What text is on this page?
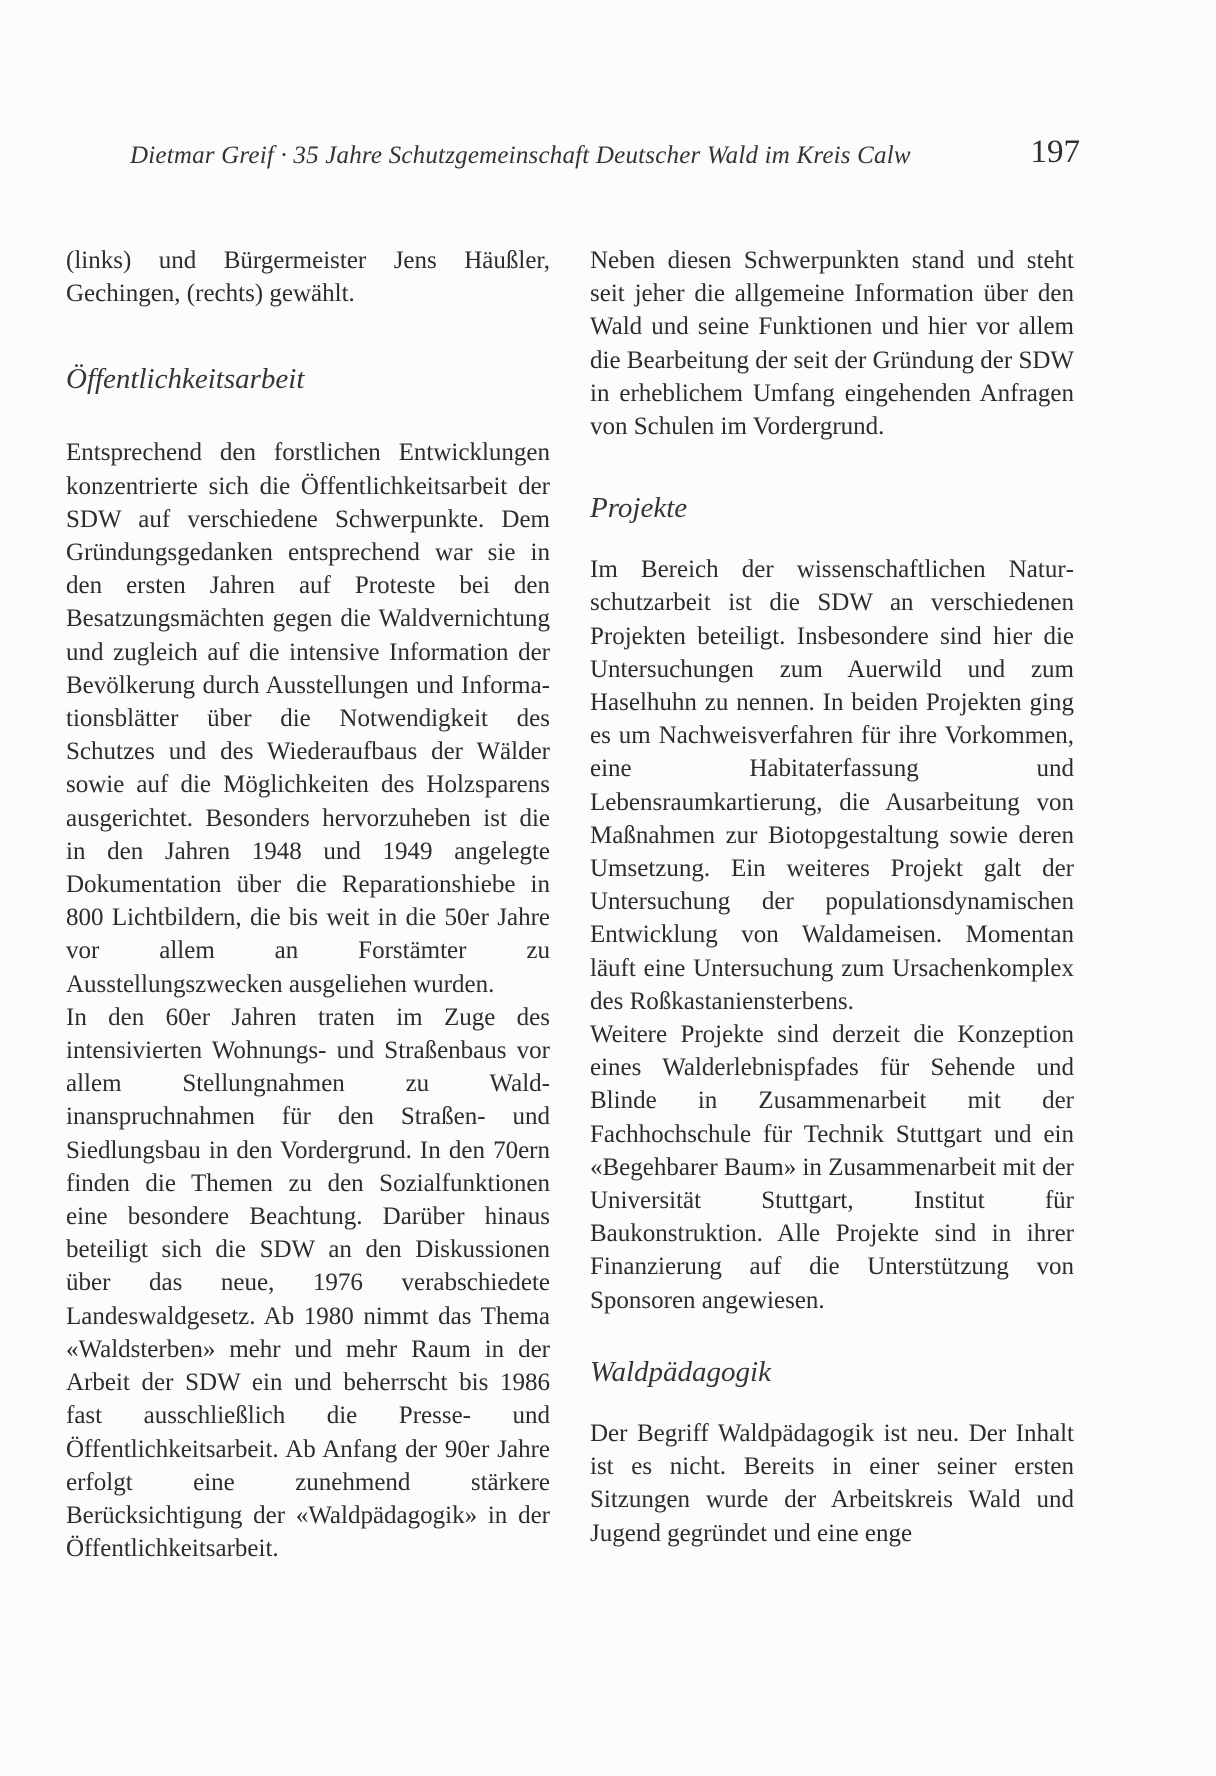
Dietmar Greif · 35 Jahre Schutzgemeinschaft Deutscher Wald im Kreis Calw	197

(links) und Bürgermeister Jens Häußler, Gechingen, (rechts) gewählt.

Öffentlichkeitsarbeit

Entsprechend den forstlichen Entwicklungen konzentrierte sich die Öffentlichkeitsarbeit der SDW auf verschiedene Schwerpunkte. Dem Gründungsgedanken entsprechend war sie in den ersten Jahren auf Proteste bei den Besatzungsmächten gegen die Waldvernichtung und zugleich auf die intensive Information der Bevölkerung durch Ausstellungen und Informationsblätter über die Notwendigkeit des Schutzes und des Wiederaufbaus der Wälder sowie auf die Möglichkeiten des Holzsparens ausgerichtet. Besonders hervorzuheben ist die in den Jahren 1948 und 1949 angelegte Dokumentation über die Reparationshiebe in 800 Lichtbildern, die bis weit in die 50er Jahre vor allem an Forstämter zu Ausstellungszwecken ausgeliehen wurden.

In den 60er Jahren traten im Zuge des intensivierten Wohnungs- und Straßenbaus vor allem Stellungnahmen zu Waldinanspruchnahmen für den Straßen- und Siedlungsbau in den Vordergrund. In den 70ern finden die Themen zu den Sozialfunktionen eine besondere Beachtung. Darüber hinaus beteiligt sich die SDW an den Diskussionen über das neue, 1976 verabschiedete Landeswaldgesetz. Ab 1980 nimmt das Thema «Waldsterben» mehr und mehr Raum in der Arbeit der SDW ein und beherrscht bis 1986 fast ausschließlich die Presse- und Öffentlichkeitsarbeit. Ab Anfang der 90er Jahre erfolgt eine zunehmend stärkere Berücksichtigung der «Waldpädagogik» in der Öffentlichkeitsarbeit.

Neben diesen Schwerpunkten stand und steht seit jeher die allgemeine Information über den Wald und seine Funktionen und hier vor allem die Bearbeitung der seit der Gründung der SDW in erheblichem Umfang eingehenden Anfragen von Schulen im Vordergrund.

Projekte

Im Bereich der wissenschaftlichen Naturschutzarbeit ist die SDW an verschiedenen Projekten beteiligt. Insbesondere sind hier die Untersuchungen zum Auerwild und zum Haselhuhn zu nennen. In beiden Projekten ging es um Nachweisverfahren für ihre Vorkommen, eine Habitaterfassung und Lebensraumkartierung, die Ausarbeitung von Maßnahmen zur Biotopgestaltung sowie deren Umsetzung. Ein weiteres Projekt galt der Untersuchung der populationsdynamischen Entwicklung von Waldameisen. Momentan läuft eine Untersuchung zum Ursachenkomplex des Roßkastaniensterbens.

Weitere Projekte sind derzeit die Konzeption eines Walderlebnispfades für Sehende und Blinde in Zusammenarbeit mit der Fachhochschule für Technik Stuttgart und ein «Begehbarer Baum» in Zusammenarbeit mit der Universität Stuttgart, Institut für Baukonstruktion. Alle Projekte sind in ihrer Finanzierung auf die Unterstützung von Sponsoren angewiesen.

Waldpädagogik

Der Begriff Waldpädagogik ist neu. Der Inhalt ist es nicht. Bereits in einer seiner ersten Sitzungen wurde der Arbeitskreis Wald und Jugend gegründet und eine enge
